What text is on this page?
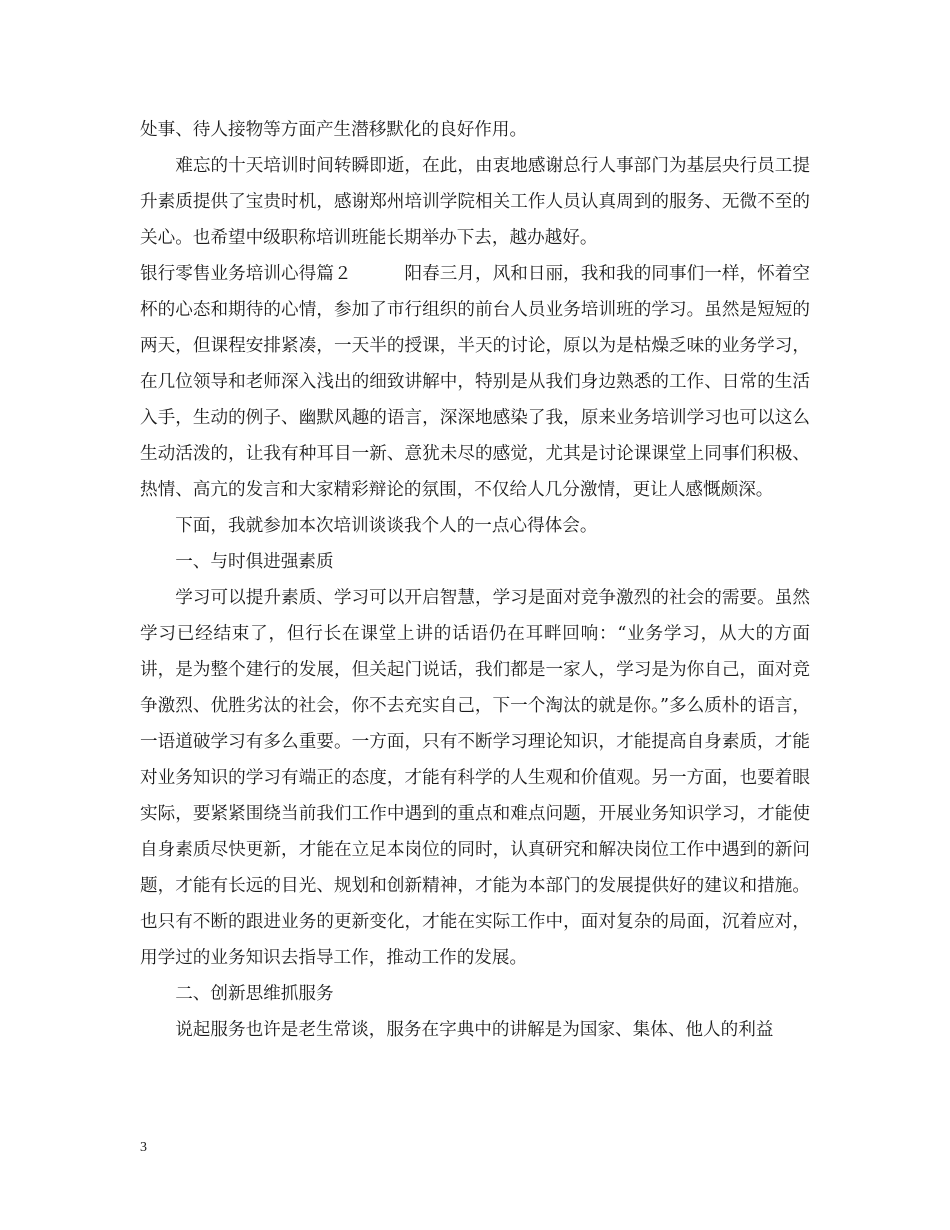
处事、待人接物等方面产生潜移默化的良好作用。

难忘的十天培训时间转瞬即逝，在此，由衷地感谢总行人事部门为基层央行员工提升素质提供了宝贵时机，感谢郑州培训学院相关工作人员认真周到的服务、无微不至的关心。也希望中级职称培训班能长期举办下去，越办越好。

银行零售业务培训心得篇２　　　	阳春三月，风和日丽，我和我的同事们一样，怀着空杯的心态和期待的心情，参加了市行组织的前台人员业务培训班的学习。虽然是短短的两天，但课程安排紧凑，一天半的授课，半天的讨论，原以为是枯燥乏味的业务学习，在几位领导和老师深入浅出的细致讲解中，特别是从我们身边熟悉的工作、日常的生活入手，生动的例子、幽默风趣的语言，深深地感染了我，原来业务培训学习也可以这么生动活泼的，让我有种耳目一新、意犹未尽的感觉，尤其是讨论课课堂上同事们积极、热情、高亢的发言和大家精彩辩论的氛围，不仅给人几分激情，更让人感慨颇深。

下面，我就参加本次培训谈谈我个人的一点心得体会。

一、与时俱进强素质

学习可以提升素质、学习可以开启智慧，学习是面对竞争激烈的社会的需要。虽然学习已经结束了，但行长在课堂上讲的话语仍在耳畔回响：“业务学习，从大的方面讲，是为整个建行的发展，但关起门说话，我们都是一家人，学习是为你自己，面对竞争激烈、优胜劣汰的社会，你不去充实自己，下一个淘汰的就是你。”多么质朴的语言，一语道破学习有多么重要。一方面，只有不断学习理论知识，才能提高自身素质，才能对业务知识的学习有端正的态度，才能有科学的人生观和价值观。另一方面，也要着眼实际，要紧紧围绕当前我们工作中遇到的重点和难点问题，开展业务知识学习，才能使自身素质尽快更新，才能在立足本岗位的同时，认真研究和解决岗位工作中遇到的新问题，才能有长远的目光、规划和创新精神，才能为本部门的发展提供好的建议和措施。也只有不断的跟进业务的更新变化，才能在实际工作中，面对复杂的局面，沉着应对，用学过的业务知识去指导工作，推动工作的发展。

二、创新思维抓服务

说起服务也许是老生常谈，服务在字典中的讲解是为国家、集体、他人的利益

3
